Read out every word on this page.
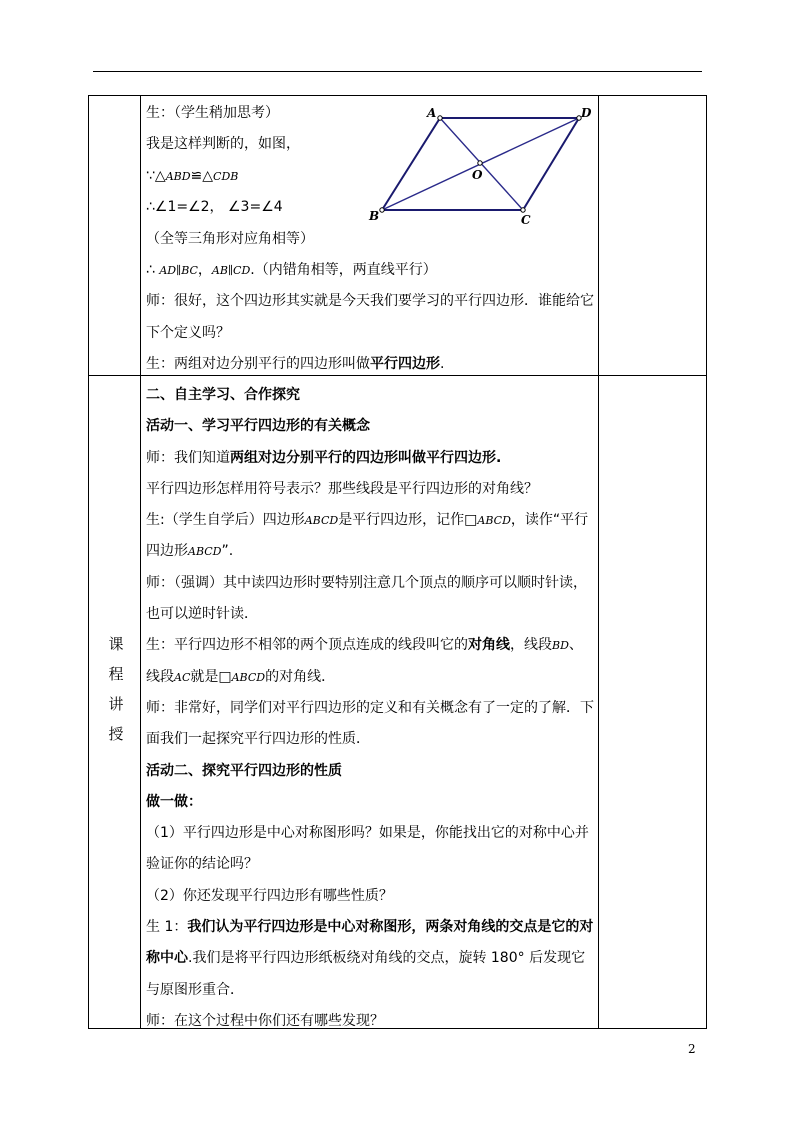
A	D
B	C
O

生：（学生稍加思考）

我是这样判断的，如图，

∵△ABD≌△CDB

∴∠1=∠2， ∠3=∠4

（全等三角形对应角相等）

∴ AD∥BC，AB∥CD.（内错角相等，两直线平行）

师：很好，这个四边形其实就是今天我们要学习的平行四边形．谁能给它

下个定义吗？

生：两组对边分别平行的四边形叫做平行四边形.

课
程
讲
授

二、自主学习、合作探究

活动一、学习平行四边形的有关概念

师：我们知道两组对边分别平行的四边形叫做平行四边形.

平行四边形怎样用符号表示？那些线段是平行四边形的对角线？

生:（学生自学后）四边形ABCD是平行四边形，记作□ABCD，读作“平行

四边形ABCD”.

师：（强调）其中读四边形时要特别注意几个顶点的顺序可以顺时针读，

也可以逆时针读．

生：平行四边形不相邻的两个顶点连成的线段叫它的对角线，线段BD、

线段AC就是□ABCD的对角线．

师：非常好，同学们对平行四边形的定义和有关概念有了一定的了解．下

面我们一起探究平行四边形的性质．

活动二、探究平行四边形的性质

做一做：

（1）平行四边形是中心对称图形吗？如果是，你能找出它的对称中心并

验证你的结论吗？

（2）你还发现平行四边形有哪些性质？

生 1：我们认为平行四边形是中心对称图形，两条对角线的交点是它的对

称中心.我们是将平行四边形纸板绕对角线的交点，旋转 180° 后发现它

与原图形重合．

师：在这个过程中你们还有哪些发现？

2
